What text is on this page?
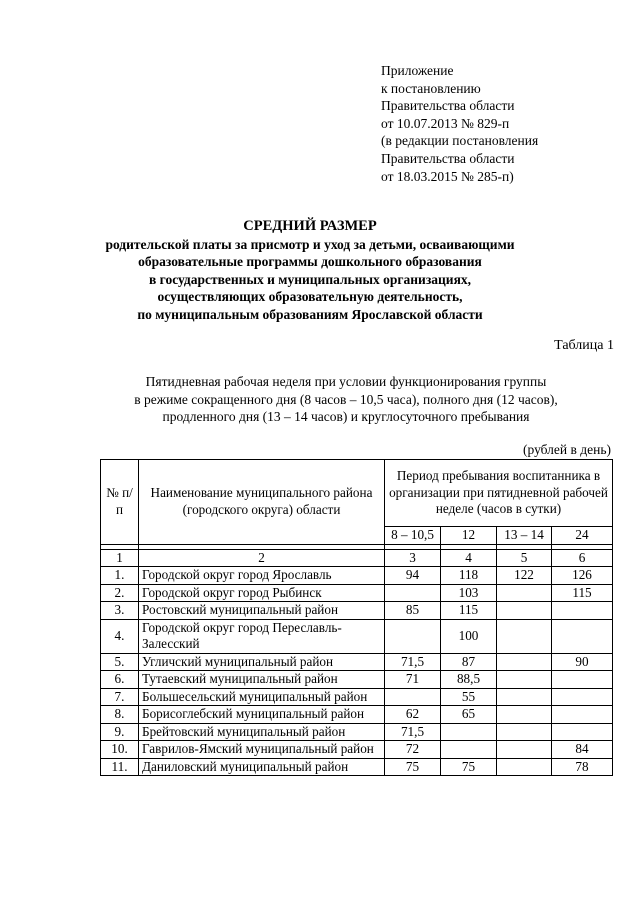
Приложение
к постановлению
Правительства области
от 10.07.2013 № 829-п
(в редакции постановления
Правительства области
от 18.03.2015 № 285-п)
СРЕДНИЙ РАЗМЕР
родительской платы за присмотр и уход за детьми, осваивающими
образовательные программы дошкольного образования
в государственных и муниципальных организациях,
осуществляющих образовательную деятельность,
по муниципальным образованиям Ярославской области
Таблица 1
Пятидневная рабочая неделя при условии функционирования группы
в режиме сокращенного дня (8 часов – 10,5 часа), полного дня (12 часов),
продленного дня (13 – 14 часов) и круглосуточного пребывания
(рублей в день)
№ п/п	Наименование муниципального района (городского округа) области	Период пребывания воспитанника в организации при пятидневной рабочей неделе (часов в сутки)			
		8 – 10,5	12	13 – 14	24

1	2	3	4	5	6
1.	Городской округ город Ярославль	94	118	122	126
2.	Городской округ город Рыбинск		103		115
3.	Ростовский муниципальный район	85	115		
4.	Городской округ город Переславль-Залесский		100		
5.	Угличский муниципальный район	71,5	87		90
6.	Тутаевский муниципальный район	71	88,5		
7.	Большесельский муниципальный район		55		
8.	Борисоглебский муниципальный район	62	65		
9.	Брейтовский муниципальный район	71,5			
10.	Гаврилов-Ямский муниципальный район	72			84
11.	Даниловский муниципальный район	75	75		78
